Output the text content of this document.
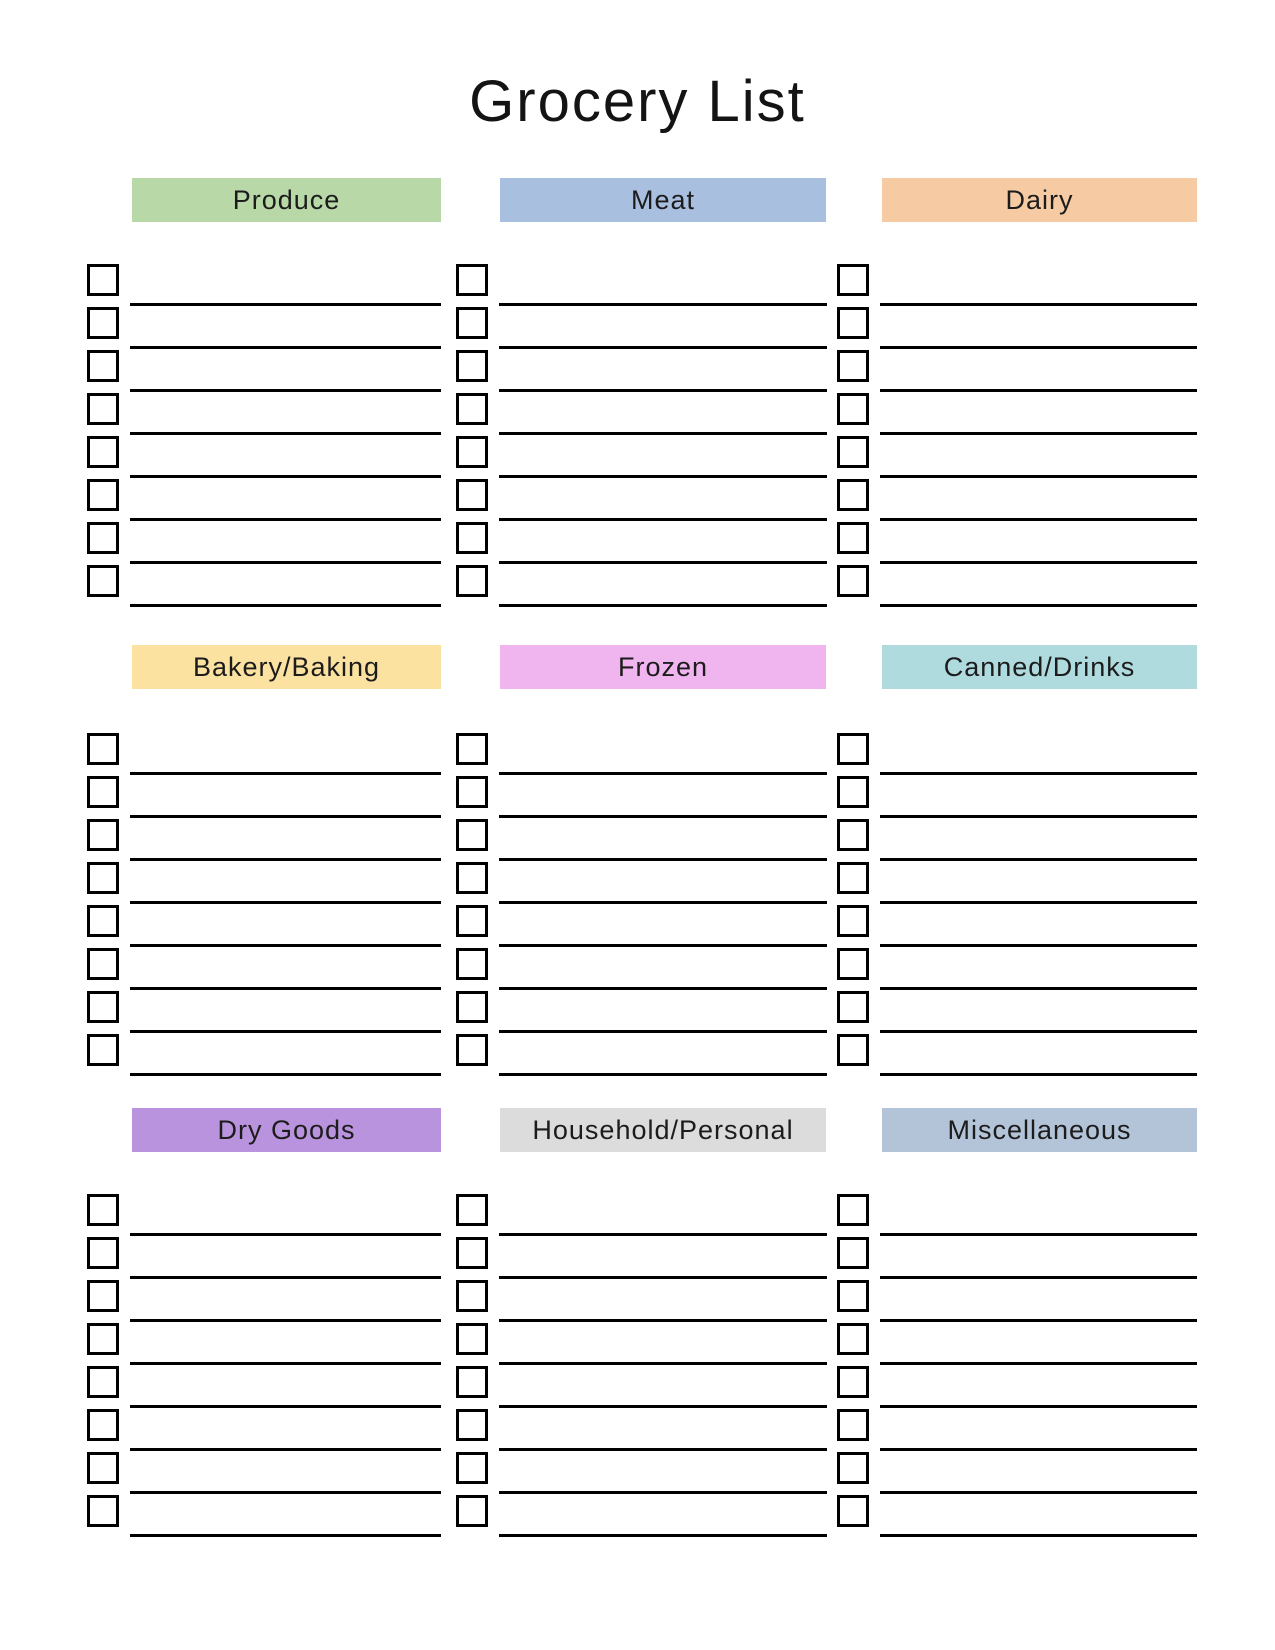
Grocery List
Produce	Meat	Dairy
Bakery/Baking	Frozen	Canned/Drinks
Dry Goods	Household/Personal	Miscellaneous
